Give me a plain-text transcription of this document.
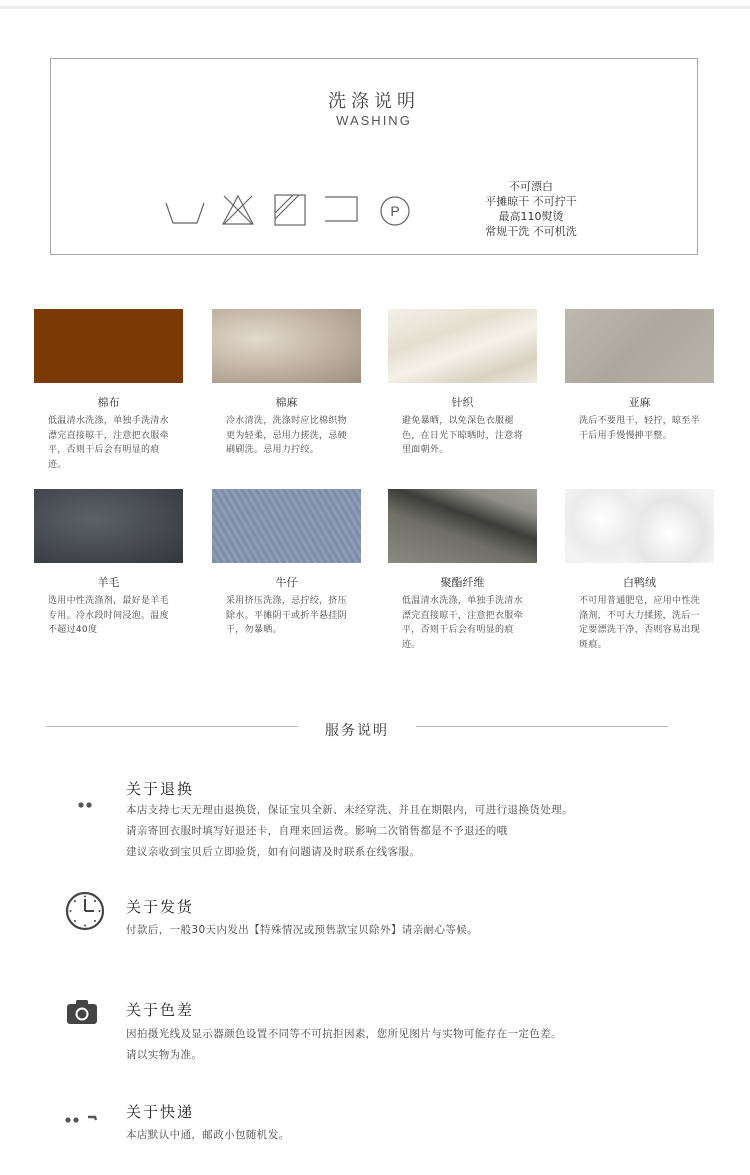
洗涤说明
WASHING
P
不可漂白
平摊晾干 不可拧干
最高110熨烫
常规干洗 不可机洗
棉布
低温清水洗涤，单独手洗清水漂完直接晾干，注意把衣服牵平，否则干后会有明显的痕迹。
棉麻
冷水清洗，洗涤时应比棉织物更为轻柔，忌用力搓洗，忌硬刷刷洗。忌用力拧绞。
针织
避免暴晒，以免深色衣服褪色，在日光下晾晒时，注意将里面朝外。
亚麻
洗后不要甩干，轻拧，晾至半干后用手慢慢抻平整。
羊毛
选用中性洗涤剂，最好是羊毛专用。冷水段时间浸泡。温度不超过40度
牛仔
采用挤压洗涤，忌拧绞，挤压除水。平摊阴干或折半悬挂阴干，勿暴晒。
聚酯纤维
低温清水洗涤，单独手洗清水漂完直接晾干，注意把衣服牵平，否则干后会有明显的痕迹。
白鸭绒
不可用普通肥皂，应用中性洗涤剂，不可大力揉搓，洗后一定要漂洗干净，否则容易出现斑痕。
服务说明
关于退换
本店支持七天无理由退换货，保证宝贝全新、未经穿洗、并且在期限内，可进行退换货处理。
请亲寄回衣服时填写好退还卡，自理来回运费。影响二次销售都是不予退还的哦
建议亲收到宝贝后立即验货，如有问题请及时联系在线客服。
关于发货
付款后，一般30天内发出【特殊情况或预售款宝贝除外】请亲耐心等候。
关于色差
因拍摄光线及显示器颜色设置不同等不可抗拒因素，您所见图片与实物可能存在一定色差。
请以实物为准。
关于快递
本店默认中通，邮政小包随机发。
